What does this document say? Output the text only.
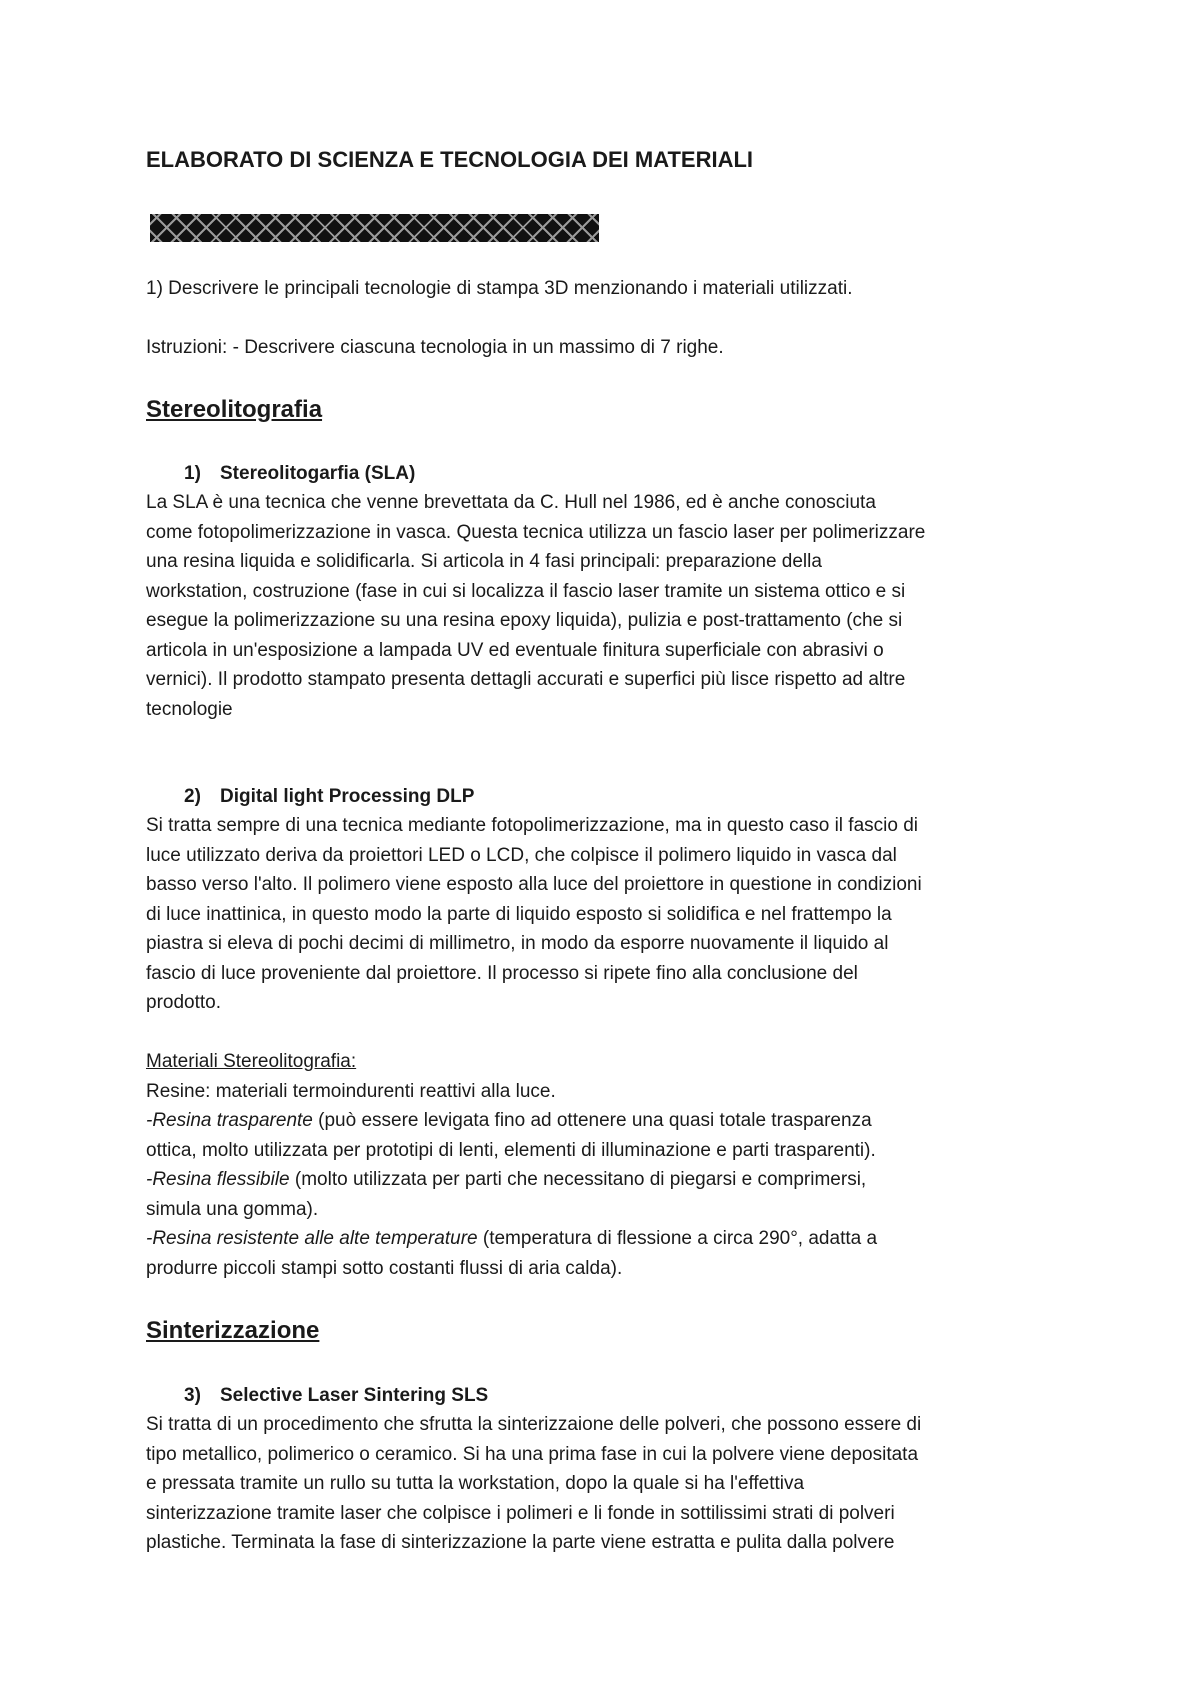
ELABORATO DI SCIENZA E TECNOLOGIA DEI MATERIALI

1) Descrivere le principali tecnologie di stampa 3D menzionando i materiali utilizzati.

Istruzioni: - Descrivere ciascuna tecnologia in un massimo di 7 righe.

Stereolitografia
1) Stereolitogarfia (SLA)
La SLA è una tecnica che venne brevettata da C. Hull nel 1986, ed è anche conosciuta
come fotopolimerizzazione in vasca. Questa tecnica utilizza un fascio laser per polimerizzare
una resina liquida e solidificarla. Si articola in 4 fasi principali: preparazione della
workstation, costruzione (fase in cui si localizza il fascio laser tramite un sistema ottico e si
esegue la polimerizzazione su una resina epoxy liquida), pulizia e post-trattamento (che si
articola in un'esposizione a lampada UV ed eventuale finitura superficiale con abrasivi o
vernici). Il prodotto stampato presenta dettagli accurati e superfici più lisce rispetto ad altre
tecnologie
2) Digital light Processing DLP
Si tratta sempre di una tecnica mediante fotopolimerizzazione, ma in questo caso il fascio di
luce utilizzato deriva da proiettori LED o LCD, che colpisce il polimero liquido in vasca dal
basso verso l'alto. Il polimero viene esposto alla luce del proiettore in questione in condizioni
di luce inattinica, in questo modo la parte di liquido esposto si solidifica e nel frattempo la
piastra si eleva di pochi decimi di millimetro, in modo da esporre nuovamente il liquido al
fascio di luce proveniente dal proiettore. Il processo si ripete fino alla conclusione del
prodotto.
Materiali Stereolitografia:
Resine: materiali termoindurenti reattivi alla luce.
-Resina trasparente (può essere levigata fino ad ottenere una quasi totale trasparenza
ottica, molto utilizzata per prototipi di lenti, elementi di illuminazione e parti trasparenti).
-Resina flessibile (molto utilizzata per parti che necessitano di piegarsi e comprimersi,
simula una gomma).
-Resina resistente alle alte temperature (temperatura di flessione a circa 290°, adatta a
produrre piccoli stampi sotto costanti flussi di aria calda).
Sinterizzazione
3) Selective Laser Sintering SLS
Si tratta di un procedimento che sfrutta la sinterizzaione delle polveri, che possono essere di
tipo metallico, polimerico o ceramico. Si ha una prima fase in cui la polvere viene depositata
e pressata tramite un rullo su tutta la workstation, dopo la quale si ha l'effettiva
sinterizzazione tramite laser che colpisce i polimeri e li fonde in sottilissimi strati di polveri
plastiche. Terminata la fase di sinterizzazione la parte viene estratta e pulita dalla polvere
